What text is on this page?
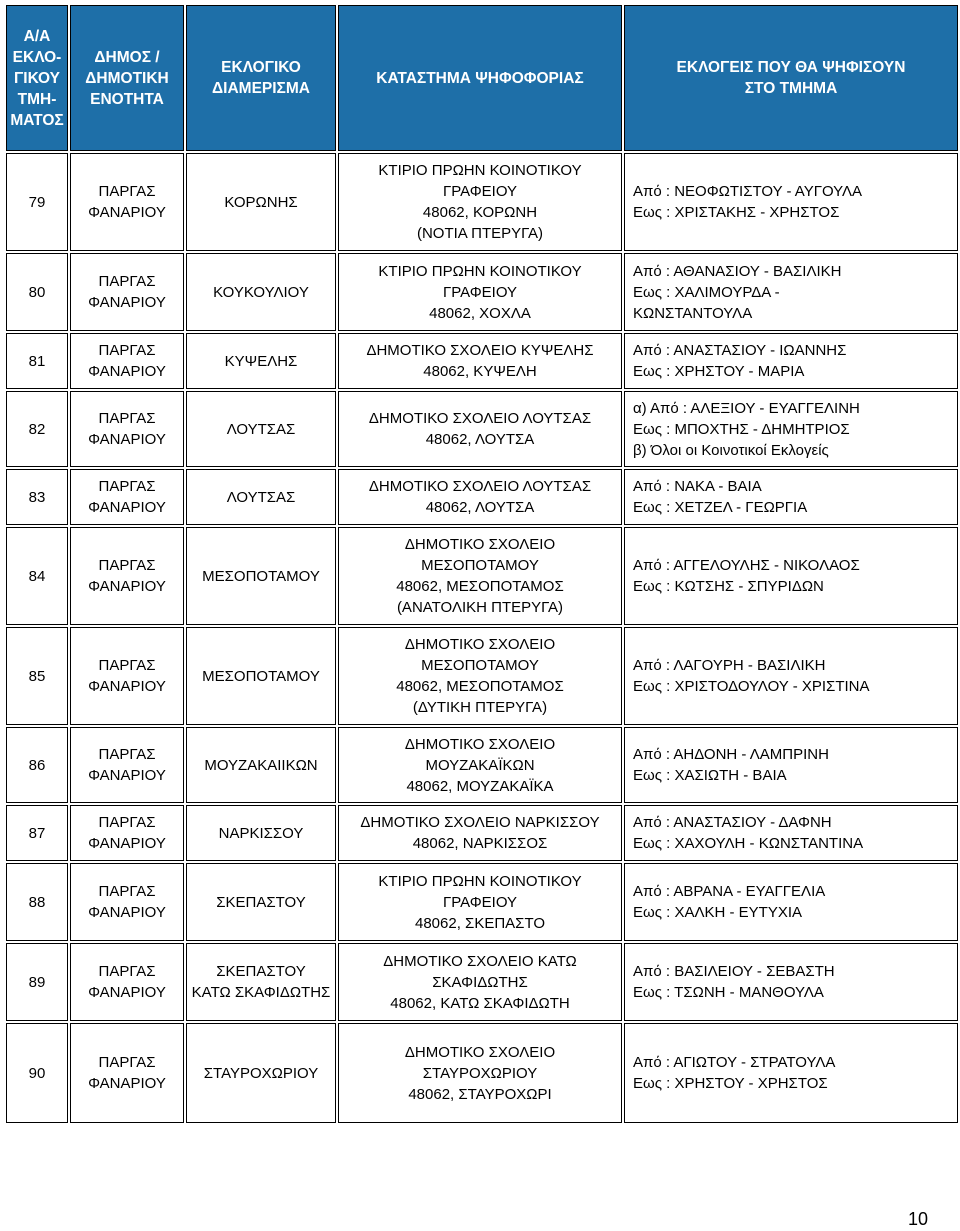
Α/Α
ΕΚΛΟ-
ΓΙΚΟΥ
ΤΜΗ-
ΜΑΤΟΣ	ΔΗΜΟΣ /
ΔΗΜΟΤΙΚΗ
ΕΝΟΤΗΤΑ	ΕΚΛΟΓΙΚΟ
ΔΙΑΜΕΡΙΣΜΑ	ΚΑΤΑΣΤΗΜΑ ΨΗΦΟΦΟΡΙΑΣ	ΕΚΛΟΓΕΙΣ ΠΟΥ ΘΑ ΨΗΦΙΣΟΥΝ
ΣΤΟ ΤΜΗΜΑ

79	ΠΑΡΓΑΣ
ΦΑΝΑΡΙΟΥ	ΚΟΡΩΝΗΣ	ΚΤΙΡΙΟ ΠΡΩΗΝ ΚΟΙΝΟΤΙΚΟΥ
ΓΡΑΦΕΙΟΥ
48062, ΚΟΡΩΝΗ
(ΝΟΤΙΑ ΠΤΕΡΥΓΑ)	Από : ΝΕΟΦΩΤΙΣΤΟΥ - ΑΥΓΟΥΛΑ
Εως : ΧΡΙΣΤΑΚΗΣ - ΧΡΗΣΤΟΣ

80	ΠΑΡΓΑΣ
ΦΑΝΑΡΙΟΥ	ΚΟΥΚΟΥΛΙΟΥ	ΚΤΙΡΙΟ ΠΡΩΗΝ ΚΟΙΝΟΤΙΚΟΥ
ΓΡΑΦΕΙΟΥ
48062, ΧΟΧΛΑ	Από : ΑΘΑΝΑΣΙΟΥ - ΒΑΣΙΛΙΚΗ
Εως : ΧΑΛΙΜΟΥΡΔΑ -
ΚΩΝΣΤΑΝΤΟΥΛΑ

81	ΠΑΡΓΑΣ
ΦΑΝΑΡΙΟΥ	ΚΥΨΕΛΗΣ	ΔΗΜΟΤΙΚΟ ΣΧΟΛΕΙΟ ΚΥΨΕΛΗΣ
48062, ΚΥΨΕΛΗ	Από : ΑΝΑΣΤΑΣΙΟΥ - ΙΩΑΝΝΗΣ
Εως : ΧΡΗΣΤΟΥ - ΜΑΡΙΑ

82	ΠΑΡΓΑΣ
ΦΑΝΑΡΙΟΥ	ΛΟΥΤΣΑΣ	ΔΗΜΟΤΙΚΟ ΣΧΟΛΕΙΟ ΛΟΥΤΣΑΣ
48062, ΛΟΥΤΣΑ	α) Από : ΑΛΕΞΙΟΥ - ΕΥΑΓΓΕΛΙΝΗ
Εως : ΜΠΟΧΤΗΣ - ΔΗΜΗΤΡΙΟΣ
β) Όλοι οι Κοινοτικοί Εκλογείς

83	ΠΑΡΓΑΣ
ΦΑΝΑΡΙΟΥ	ΛΟΥΤΣΑΣ	ΔΗΜΟΤΙΚΟ ΣΧΟΛΕΙΟ ΛΟΥΤΣΑΣ
48062, ΛΟΥΤΣΑ	Από : ΝΑΚΑ - ΒΑΙΑ
Εως : ΧΕΤΖΕΛ - ΓΕΩΡΓΙΑ

84	ΠΑΡΓΑΣ
ΦΑΝΑΡΙΟΥ	ΜΕΣΟΠΟΤΑΜΟΥ	ΔΗΜΟΤΙΚΟ ΣΧΟΛΕΙΟ
ΜΕΣΟΠΟΤΑΜΟΥ
48062, ΜΕΣΟΠΟΤΑΜΟΣ
(ΑΝΑΤΟΛΙΚΗ ΠΤΕΡΥΓΑ)	Από : ΑΓΓΕΛΟΥΛΗΣ - ΝΙΚΟΛΑΟΣ
Εως : ΚΩΤΣΗΣ - ΣΠΥΡΙΔΩΝ

85	ΠΑΡΓΑΣ
ΦΑΝΑΡΙΟΥ	ΜΕΣΟΠΟΤΑΜΟΥ	ΔΗΜΟΤΙΚΟ ΣΧΟΛΕΙΟ
ΜΕΣΟΠΟΤΑΜΟΥ
48062, ΜΕΣΟΠΟΤΑΜΟΣ
(ΔΥΤΙΚΗ ΠΤΕΡΥΓΑ)	Από : ΛΑΓΟΥΡΗ - ΒΑΣΙΛΙΚΗ
Εως : ΧΡΙΣΤΟΔΟΥΛΟΥ - ΧΡΙΣΤΙΝΑ

86	ΠΑΡΓΑΣ
ΦΑΝΑΡΙΟΥ	ΜΟΥΖΑΚΑΙΙΚΩΝ	ΔΗΜΟΤΙΚΟ ΣΧΟΛΕΙΟ
ΜΟΥΖΑΚΑΪΚΩΝ
48062, ΜΟΥΖΑΚΑΪΚΑ	Από : ΑΗΔΟΝΗ - ΛΑΜΠΡΙΝΗ
Εως : ΧΑΣΙΩΤΗ - ΒΑΙΑ

87	ΠΑΡΓΑΣ
ΦΑΝΑΡΙΟΥ	ΝΑΡΚΙΣΣΟΥ	ΔΗΜΟΤΙΚΟ ΣΧΟΛΕΙΟ ΝΑΡΚΙΣΣΟΥ
48062, ΝΑΡΚΙΣΣΟΣ	Από : ΑΝΑΣΤΑΣΙΟΥ - ΔΑΦΝΗ
Εως : ΧΑΧΟΥΛΗ - ΚΩΝΣΤΑΝΤΙΝΑ

88	ΠΑΡΓΑΣ
ΦΑΝΑΡΙΟΥ	ΣΚΕΠΑΣΤΟΥ	ΚΤΙΡΙΟ ΠΡΩΗΝ ΚΟΙΝΟΤΙΚΟΥ
ΓΡΑΦΕΙΟΥ
48062, ΣΚΕΠΑΣΤΟ	Από : ΑΒΡΑΝΑ - ΕΥΑΓΓΕΛΙΑ
Εως : ΧΑΛΚΗ - ΕΥΤΥΧΙΑ

89	ΠΑΡΓΑΣ
ΦΑΝΑΡΙΟΥ	ΣΚΕΠΑΣΤΟΥ
ΚΑΤΩ ΣΚΑΦΙΔΩΤΗΣ	ΔΗΜΟΤΙΚΟ ΣΧΟΛΕΙΟ ΚΑΤΩ
ΣΚΑΦΙΔΩΤΗΣ
48062, ΚΑΤΩ ΣΚΑΦΙΔΩΤΗ	Από : ΒΑΣΙΛΕΙΟΥ - ΣΕΒΑΣΤΗ
Εως : ΤΣΩΝΗ - ΜΑΝΘΟΥΛΑ

90	ΠΑΡΓΑΣ
ΦΑΝΑΡΙΟΥ	ΣΤΑΥΡΟΧΩΡΙΟΥ	ΔΗΜΟΤΙΚΟ ΣΧΟΛΕΙΟ
ΣΤΑΥΡΟΧΩΡΙΟΥ
48062, ΣΤΑΥΡΟΧΩΡΙ	Από : ΑΓΙΩΤΟΥ - ΣΤΡΑΤΟΥΛΑ
Εως : ΧΡΗΣΤΟΥ - ΧΡΗΣΤΟΣ
10
